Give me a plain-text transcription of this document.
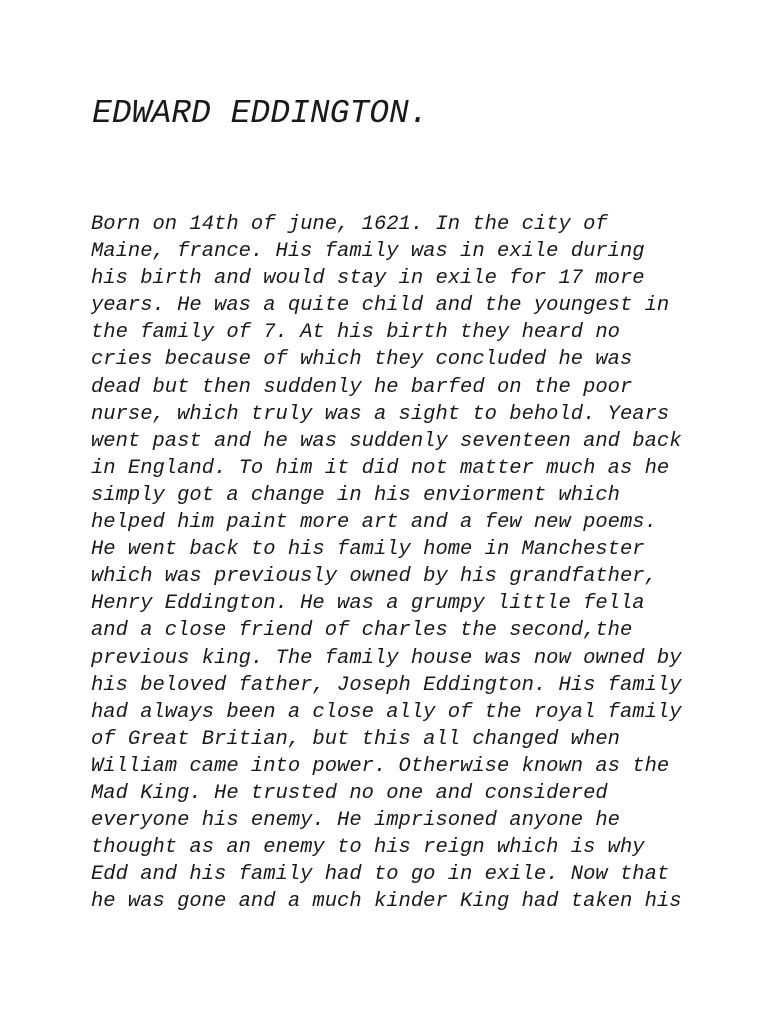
EDWARD EDDINGTON.
Born on 14th of june, 1621. In the city of
Maine, france. His family was in exile during
his birth and would stay in exile for 17 more
years. He was a quite child and the youngest in
the family of 7. At his birth they heard no
cries because of which they concluded he was
dead but then suddenly he barfed on the poor
nurse, which truly was a sight to behold. Years
went past and he was suddenly seventeen and back
in England. To him it did not matter much as he
simply got a change in his enviorment which
helped him paint more art and a few new poems.
He went back to his family home in Manchester
which was previously owned by his grandfather,
Henry Eddington. He was a grumpy little fella
and a close friend of charles the second,the
previous king. The family house was now owned by
his beloved father, Joseph Eddington. His family
had always been a close ally of the royal family
of Great Britian, but this all changed when
William came into power. Otherwise known as the
Mad King. He trusted no one and considered
everyone his enemy. He imprisoned anyone he
thought as an enemy to his reign which is why
Edd and his family had to go in exile. Now that
he was gone and a much kinder King had taken his
